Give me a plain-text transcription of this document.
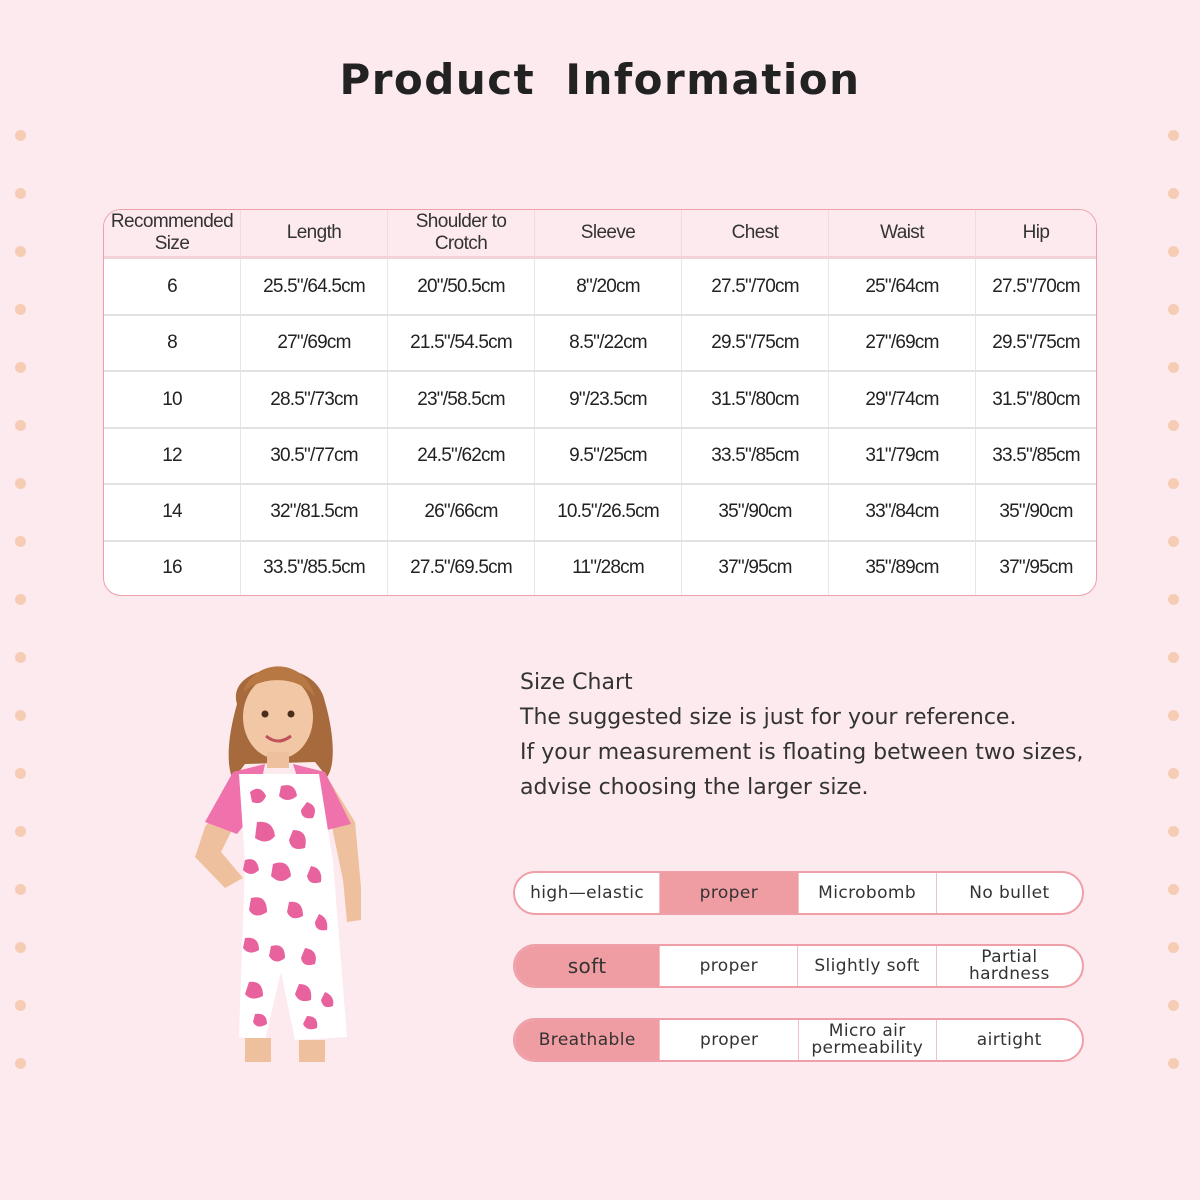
Product Information
Recommended Size	Length	Shoulder to Crotch	Sleeve	Chest	Waist	Hip
6	25.5"/64.5cm	20"/50.5cm	8"/20cm	27.5"/70cm	25"/64cm	27.5"/70cm
8	27"/69cm	21.5"/54.5cm	8.5"/22cm	29.5"/75cm	27"/69cm	29.5"/75cm
10	28.5"/73cm	23"/58.5cm	9"/23.5cm	31.5"/80cm	29"/74cm	31.5"/80cm
12	30.5"/77cm	24.5"/62cm	9.5"/25cm	33.5"/85cm	31"/79cm	33.5"/85cm
14	32"/81.5cm	26"/66cm	10.5"/26.5cm	35"/90cm	33"/84cm	35"/90cm
16	33.5"/85.5cm	27.5"/69.5cm	11"/28cm	37"/95cm	35"/89cm	37"/95cm
Size Chart
The suggested size is just for your reference.
If your measurement is floating between two sizes,
advise choosing the larger size.
high—elastic	proper	Microbomb	No bullet
soft	proper	Slightly soft	Partial hardness
Breathable	proper	Micro air permeability	airtight
